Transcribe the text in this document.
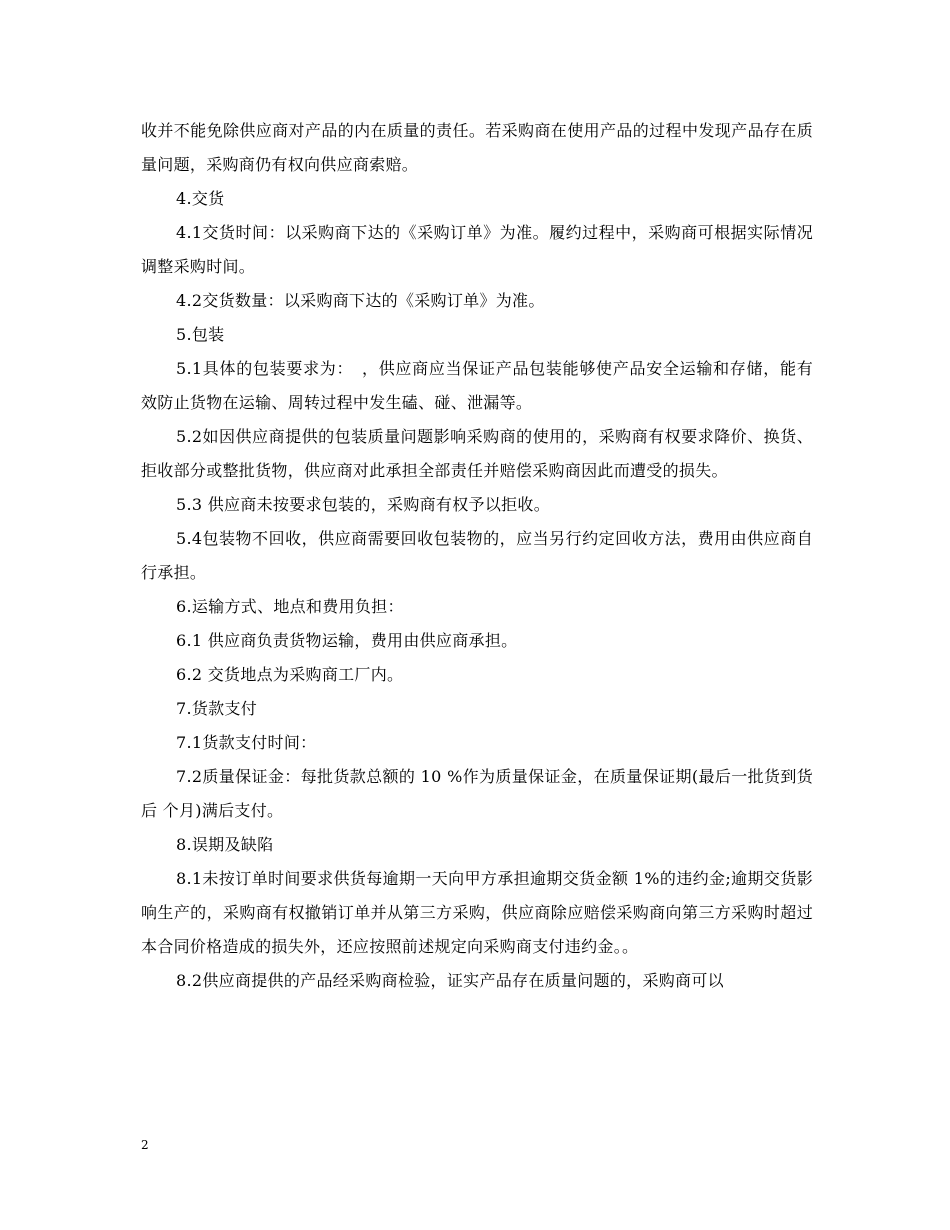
收并不能免除供应商对产品的内在质量的责任。若采购商在使用产品的过程中发现产品存在质量问题，采购商仍有权向供应商索赔。

4.交货

4.1交货时间：以采购商下达的《采购订单》为准。履约过程中，采购商可根据实际情况调整采购时间。

4.2交货数量：以采购商下达的《采购订单》为准。

5.包装

5.1具体的包装要求为：　，供应商应当保证产品包装能够使产品安全运输和存储，能有效防止货物在运输、周转过程中发生磕、碰、泄漏等。

5.2如因供应商提供的包装质量问题影响采购商的使用的，采购商有权要求降价、换货、拒收部分或整批货物，供应商对此承担全部责任并赔偿采购商因此而遭受的损失。

5.3 供应商未按要求包装的，采购商有权予以拒收。

5.4包装物不回收，供应商需要回收包装物的，应当另行约定回收方法，费用由供应商自行承担。

6.运输方式、地点和费用负担：

6.1 供应商负责货物运输，费用由供应商承担。

6.2 交货地点为采购商工厂内。

7.货款支付

7.1货款支付时间：

7.2质量保证金：每批货款总额的 10 %作为质量保证金，在质量保证期(最后一批货到货后 个月)满后支付。

8.误期及缺陷

8.1未按订单时间要求供货每逾期一天向甲方承担逾期交货金额 1%的违约金;逾期交货影响生产的，采购商有权撤销订单并从第三方采购，供应商除应赔偿采购商向第三方采购时超过本合同价格造成的损失外，还应按照前述规定向采购商支付违约金。。

8.2供应商提供的产品经采购商检验，证实产品存在质量问题的，采购商可以

2
